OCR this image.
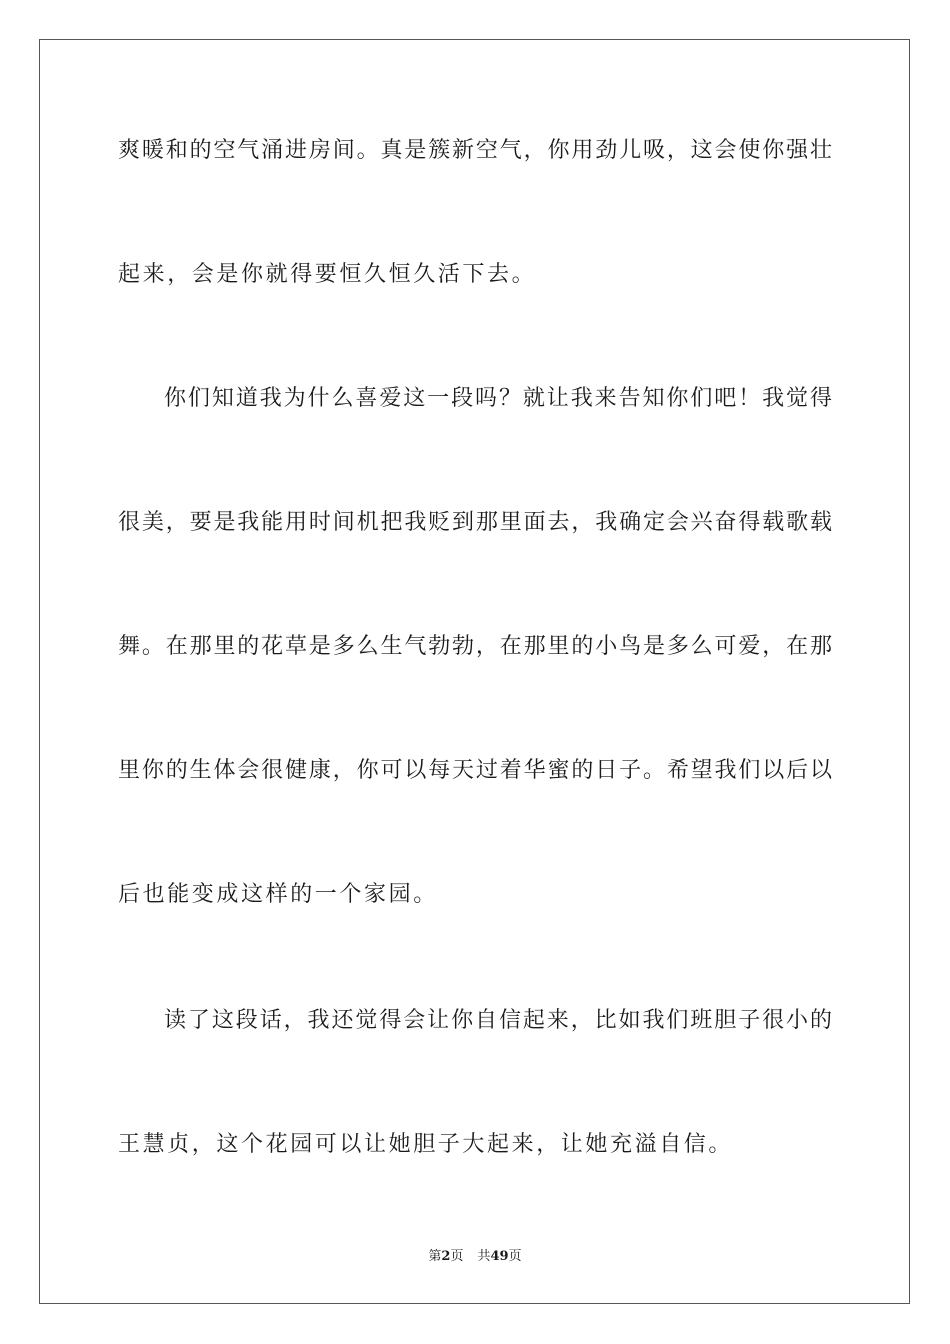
爽暖和的空气涌进房间。真是簇新空气，你用劲儿吸，这会使你强壮
起来，会是你就得要恒久恒久活下去。
你们知道我为什么喜爱这一段吗？就让我来告知你们吧！我觉得
很美，要是我能用时间机把我贬到那里面去，我确定会兴奋得载歌载
舞。在那里的花草是多么生气勃勃，在那里的小鸟是多么可爱，在那
里你的生体会很健康，你可以每天过着华蜜的日子。希望我们以后以
后也能变成这样的一个家园。
读了这段话，我还觉得会让你自信起来，比如我们班胆子很小的
王慧贞，这个花园可以让她胆子大起来，让她充溢自信。
第2页 共49页
